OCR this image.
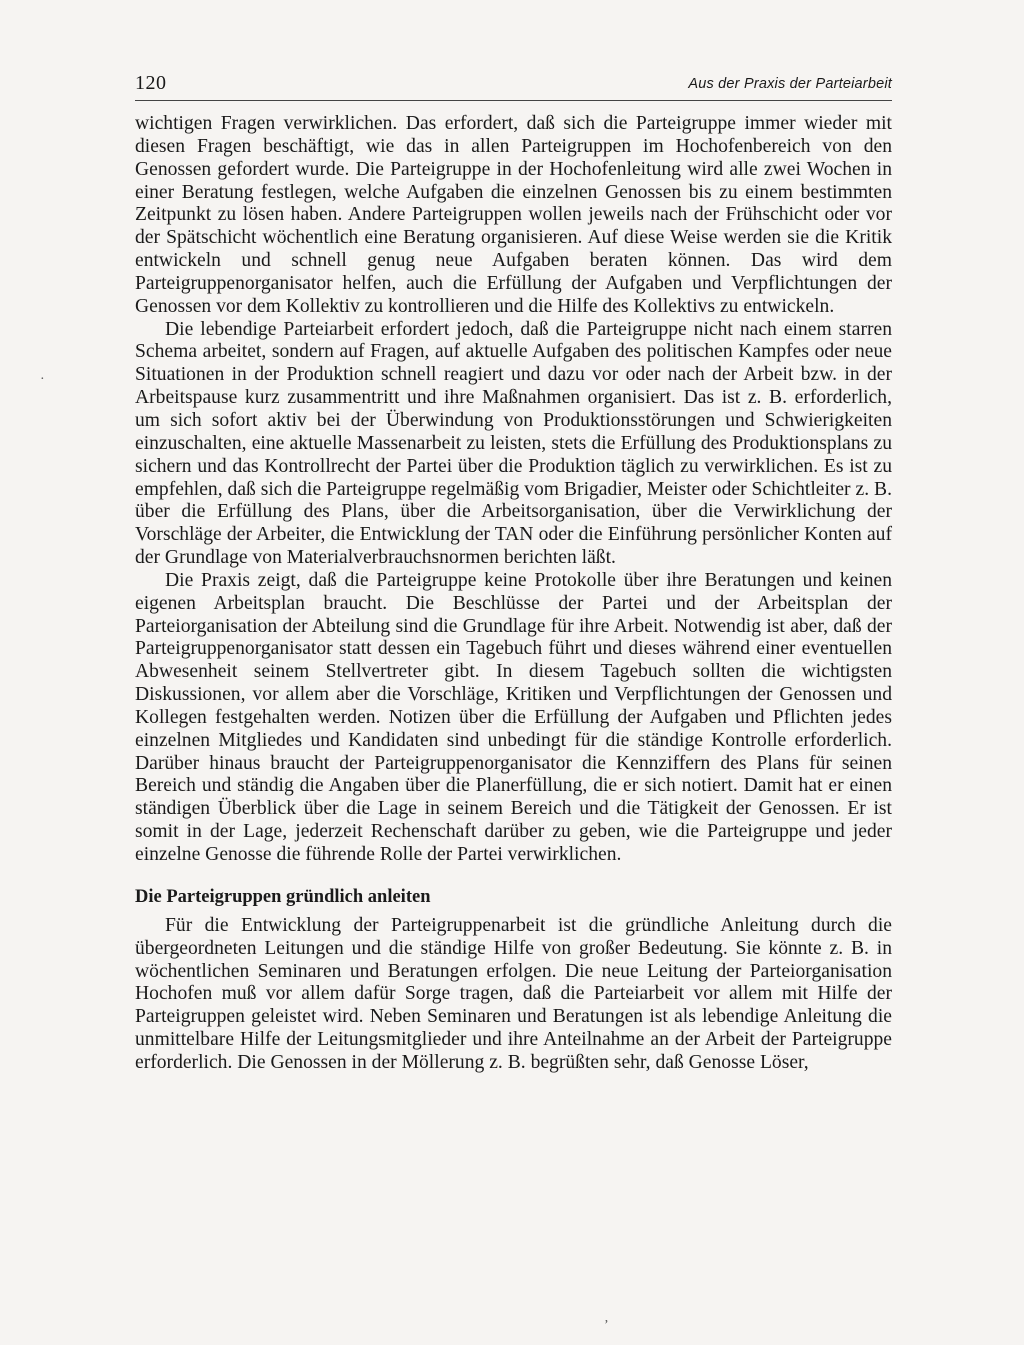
120	Aus der Praxis der Parteiarbeit

wichtigen Fragen verwirklichen. Das erfordert, daß sich die Parteigruppe immer wieder mit diesen Fragen beschäftigt, wie das in allen Parteigruppen im Hochofenbereich von den Genossen gefordert wurde. Die Parteigruppe in der Hochofenleitung wird alle zwei Wochen in einer Beratung festlegen, welche Aufgaben die einzelnen Genossen bis zu einem bestimmten Zeitpunkt zu lösen haben. Andere Parteigruppen wollen jeweils nach der Frühschicht oder vor der Spätschicht wöchentlich eine Beratung organisieren. Auf diese Weise werden sie die Kritik entwickeln und schnell genug neue Aufgaben beraten können. Das wird dem Parteigruppenorganisator helfen, auch die Erfüllung der Aufgaben und Verpflichtungen der Genossen vor dem Kollektiv zu kontrollieren und die Hilfe des Kollektivs zu entwickeln.

Die lebendige Parteiarbeit erfordert jedoch, daß die Parteigruppe nicht nach einem starren Schema arbeitet, sondern auf Fragen, auf aktuelle Aufgaben des politischen Kampfes oder neue Situationen in der Produktion schnell reagiert und dazu vor oder nach der Arbeit bzw. in der Arbeitspause kurz zusammentritt und ihre Maßnahmen organisiert. Das ist z. B. erforderlich, um sich sofort aktiv bei der Überwindung von Produktionsstörungen und Schwierigkeiten einzuschalten, eine aktuelle Massenarbeit zu leisten, stets die Erfüllung des Produktionsplans zu sichern und das Kontrollrecht der Partei über die Produktion täglich zu verwirklichen. Es ist zu empfehlen, daß sich die Parteigruppe regelmäßig vom Brigadier, Meister oder Schichtleiter z. B. über die Erfüllung des Plans, über die Arbeitsorganisation, über die Verwirklichung der Vorschläge der Arbeiter, die Entwicklung der TAN oder die Einführung persönlicher Konten auf der Grundlage von Materialverbrauchsnormen berichten läßt.

Die Praxis zeigt, daß die Parteigruppe keine Protokolle über ihre Beratungen und keinen eigenen Arbeitsplan braucht. Die Beschlüsse der Partei und der Arbeitsplan der Parteiorganisation der Abteilung sind die Grundlage für ihre Arbeit. Notwendig ist aber, daß der Parteigruppenorganisator statt dessen ein Tagebuch führt und dieses während einer eventuellen Abwesenheit seinem Stellvertreter gibt. In diesem Tagebuch sollten die wichtigsten Diskussionen, vor allem aber die Vorschläge, Kritiken und Verpflichtungen der Genossen und Kollegen festgehalten werden. Notizen über die Erfüllung der Aufgaben und Pflichten jedes einzelnen Mitgliedes und Kandidaten sind unbedingt für die ständige Kontrolle erforderlich. Darüber hinaus braucht der Parteigruppenorganisator die Kennziffern des Plans für seinen Bereich und ständig die Angaben über die Planerfüllung, die er sich notiert. Damit hat er einen ständigen Überblick über die Lage in seinem Bereich und die Tätigkeit der Genossen. Er ist somit in der Lage, jederzeit Rechenschaft darüber zu geben, wie die Parteigruppe und jeder einzelne Genosse die führende Rolle der Partei verwirklichen.

Die Parteigruppen gründlich anleiten

Für die Entwicklung der Parteigruppenarbeit ist die gründliche Anleitung durch die übergeordneten Leitungen und die ständige Hilfe von großer Bedeutung. Sie könnte z. B. in wöchentlichen Seminaren und Beratungen erfolgen. Die neue Leitung der Parteiorganisation Hochofen muß vor allem dafür Sorge tragen, daß die Parteiarbeit vor allem mit Hilfe der Parteigruppen geleistet wird. Neben Seminaren und Beratungen ist als lebendige Anleitung die unmittelbare Hilfe der Leitungsmitglieder und ihre Anteilnahme an der Arbeit der Parteigruppe erforderlich. Die Genossen in der Möllerung z. B. begrüßten sehr, daß Genosse Löser,

·
ʼ
